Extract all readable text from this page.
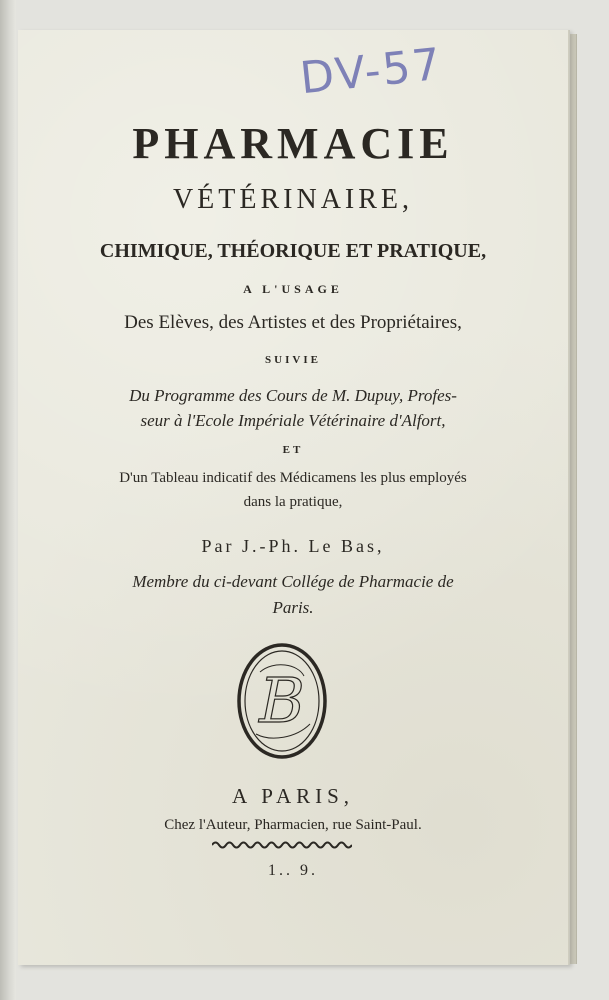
DV-57

PHARMACIE

VÉTÉRINAIRE,

CHIMIQUE, THÉORIQUE ET PRATIQUE,

A L'USAGE

Des Elèves, des Artistes et des Propriétaires,

SUIVIE

Du Programme des Cours de M. Dupuy, Profes-

seur à l'Ecole Impériale Vétérinaire d'Alfort,

ET

D'un Tableau indicatif des Médicamens les plus employés

dans la pratique,

Par J.-Ph. Le Bas,

Membre du ci-devant Collége de Pharmacie de

Paris.

B

A PARIS,

Chez l'Auteur, Pharmacien, rue Saint-Paul.

1.. 9.
